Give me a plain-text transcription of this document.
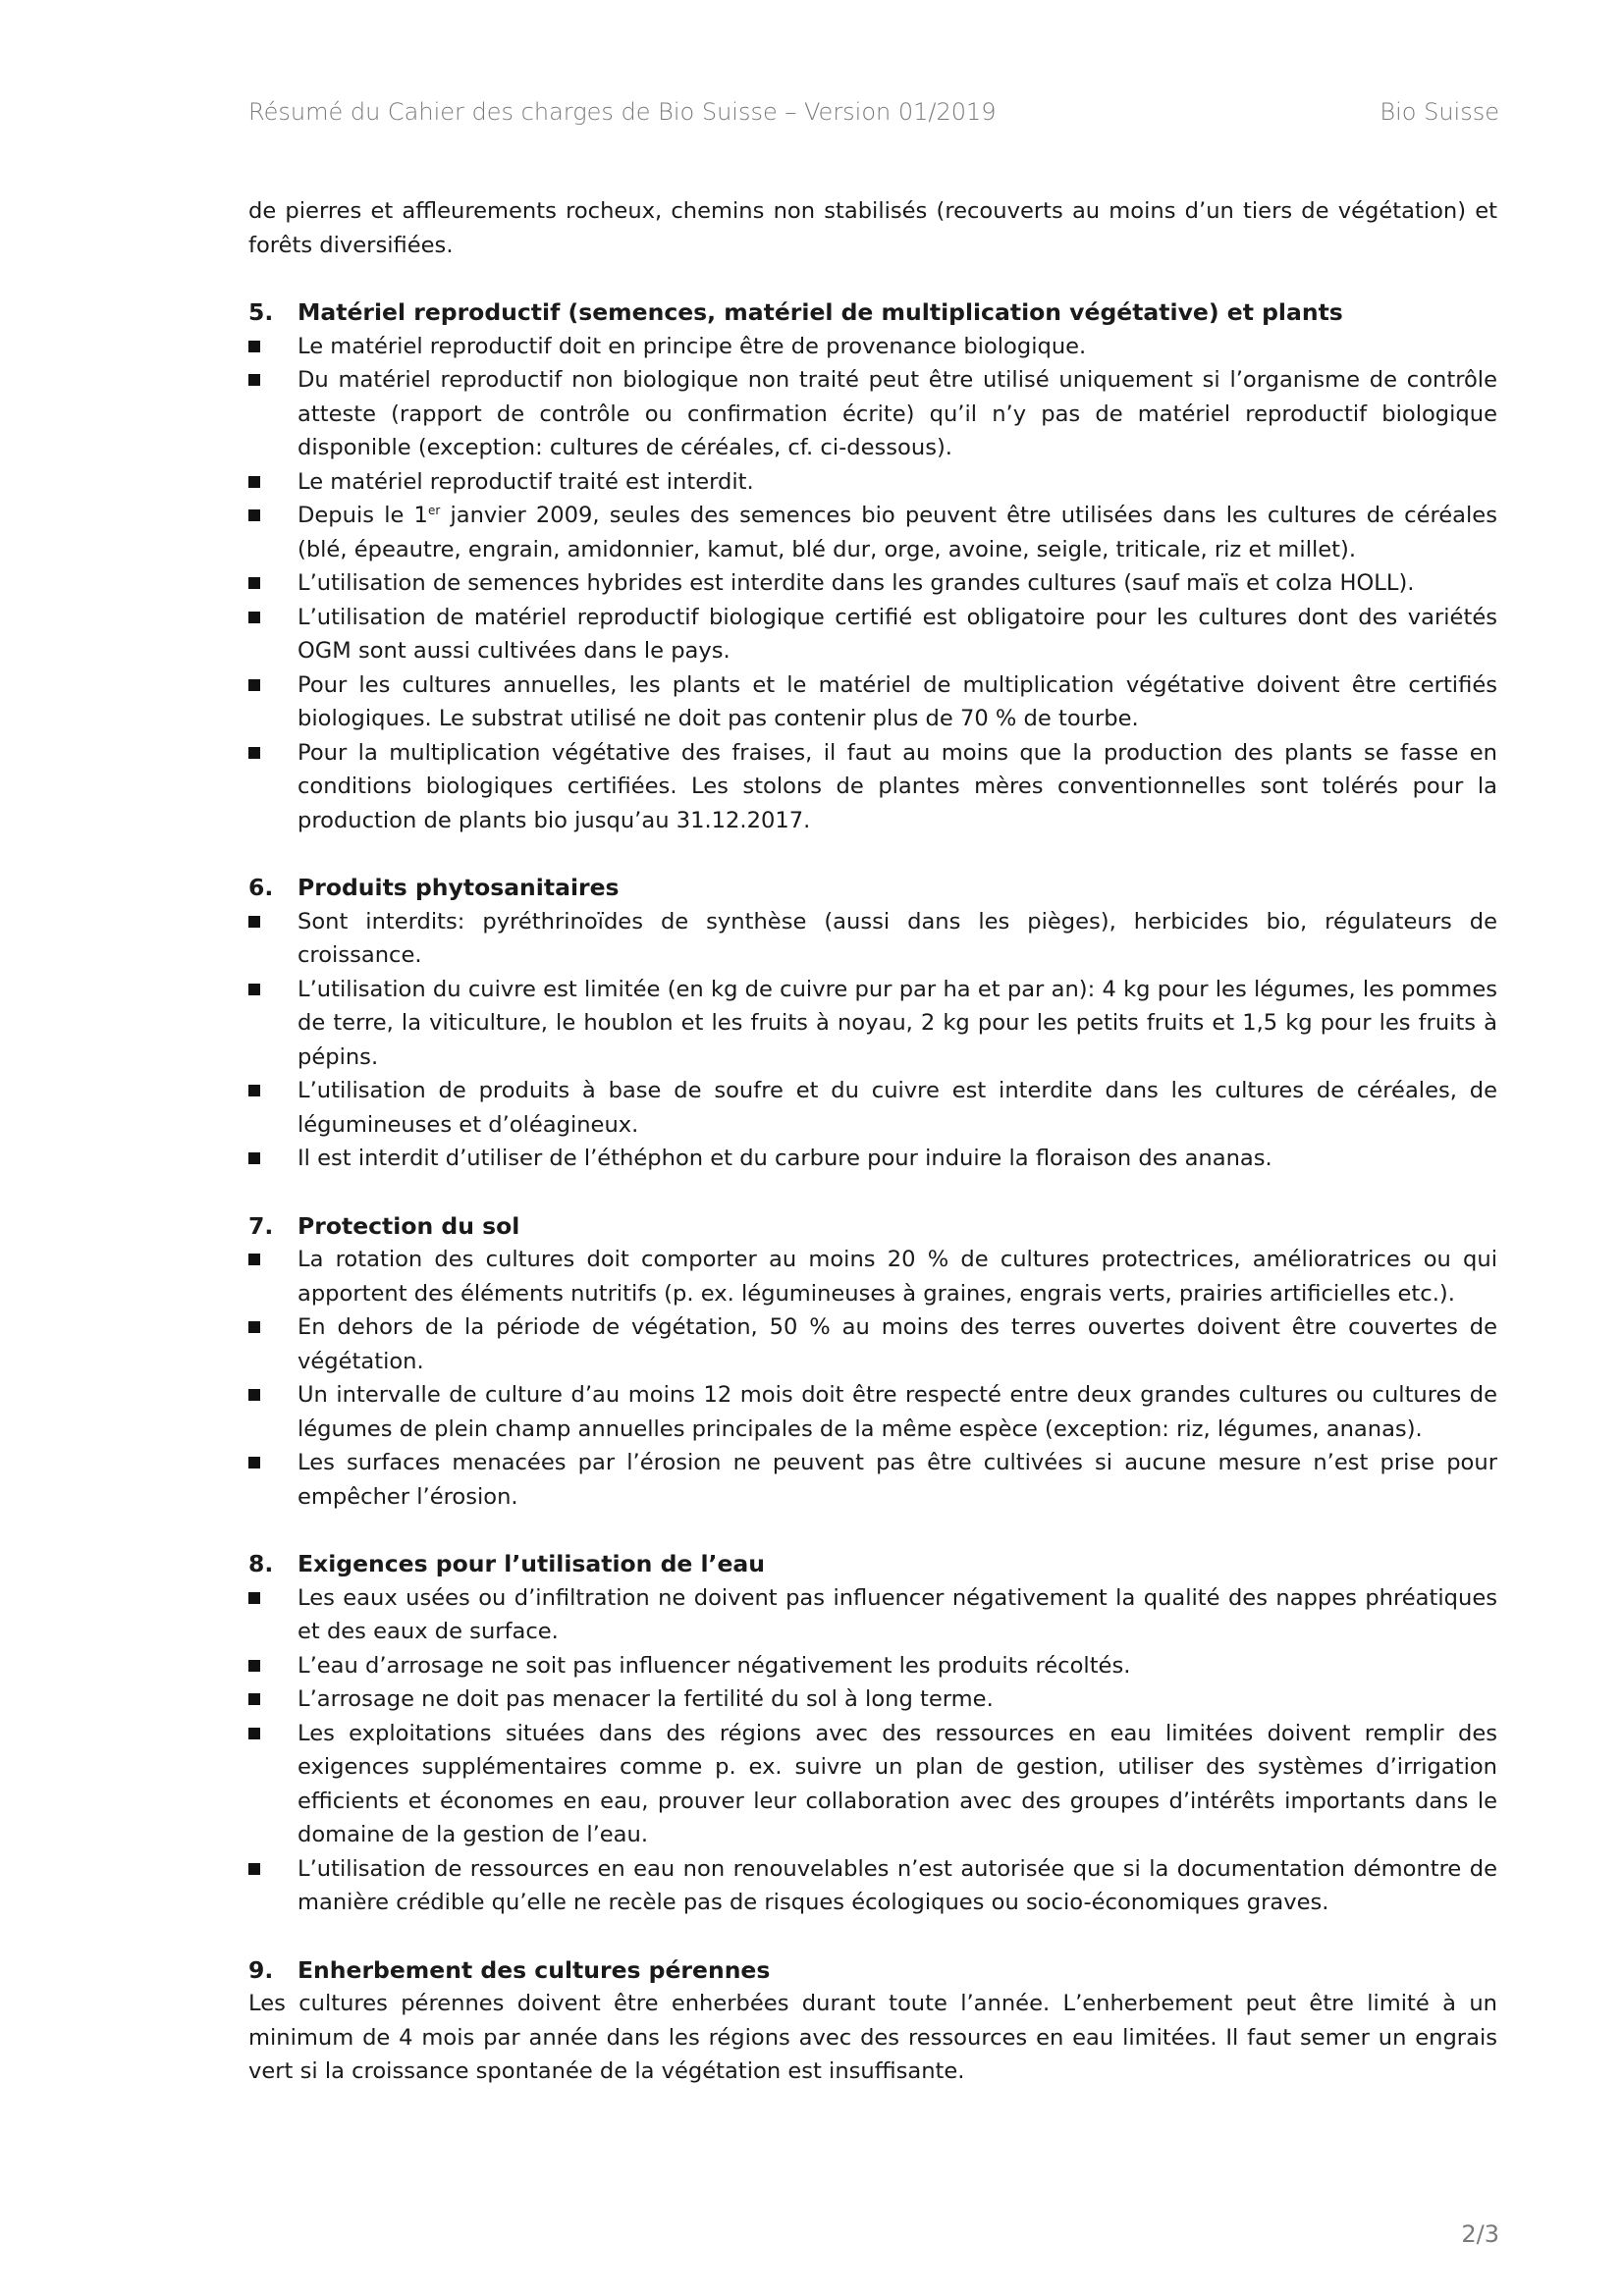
Résumé du Cahier des charges de Bio Suisse – Version 01/2019	Bio Suisse

de pierres et affleurements rocheux, chemins non stabilisés (recouverts au moins d’un tiers de végétation) et forêts diversifiées.

5.	Matériel reproductif (semences, matériel de multiplication végétative) et plants
Le matériel reproductif doit en principe être de provenance biologique.
Du matériel reproductif non biologique non traité peut être utilisé uniquement si l’organisme de contrôle atteste (rapport de contrôle ou confirmation écrite) qu’il n’y pas de matériel reproductif biologique disponible (exception: cultures de céréales, cf. ci-dessous).
Le matériel reproductif traité est interdit.
Depuis le 1er janvier 2009, seules des semences bio peuvent être utilisées dans les cultures de céréales (blé, épeautre, engrain, amidonnier, kamut, blé dur, orge, avoine, seigle, triticale, riz et millet).
L’utilisation de semences hybrides est interdite dans les grandes cultures (sauf maïs et colza HOLL).
L’utilisation de matériel reproductif biologique certifié est obligatoire pour les cultures dont des variétés OGM sont aussi cultivées dans le pays.
Pour les cultures annuelles, les plants et le matériel de multiplication végétative doivent être certifiés biologiques. Le substrat utilisé ne doit pas contenir plus de 70 % de tourbe.
Pour la multiplication végétative des fraises, il faut au moins que la production des plants se fasse en conditions biologiques certifiées. Les stolons de plantes mères conventionnelles sont tolérés pour la production de plants bio jusqu’au 31.12.2017.
6.	Produits phytosanitaires
Sont interdits: pyréthrinoïdes de synthèse (aussi dans les pièges), herbicides bio, régulateurs de croissance.
L’utilisation du cuivre est limitée (en kg de cuivre pur par ha et par an): 4 kg pour les légumes, les pommes de terre, la viticulture, le houblon et les fruits à noyau, 2 kg pour les petits fruits et 1,5 kg pour les fruits à pépins.
L’utilisation de produits à base de soufre et du cuivre est interdite dans les cultures de céréales, de légumineuses et d’oléagineux.
Il est interdit d’utiliser de l’éthéphon et du carbure pour induire la floraison des ananas.
7.	Protection du sol
La rotation des cultures doit comporter au moins 20 % de cultures protectrices, amélioratrices ou qui apportent des éléments nutritifs (p. ex. légumineuses à graines, engrais verts, prairies artificielles etc.).
En dehors de la période de végétation, 50 % au moins des terres ouvertes doivent être couvertes de végétation.
Un intervalle de culture d’au moins 12 mois doit être respecté entre deux grandes cultures ou cultures de légumes de plein champ annuelles principales de la même espèce (exception: riz, légumes, ananas).
Les surfaces menacées par l’érosion ne peuvent pas être cultivées si aucune mesure n’est prise pour empêcher l’érosion.
8.	Exigences pour l’utilisation de l’eau
Les eaux usées ou d’infiltration ne doivent pas influencer négativement la qualité des nappes phréatiques et des eaux de surface.
L’eau d’arrosage ne soit pas influencer négativement les produits récoltés.
L’arrosage ne doit pas menacer la fertilité du sol à long terme.
Les exploitations situées dans des régions avec des ressources en eau limitées doivent remplir des exigences supplémentaires comme p. ex. suivre un plan de gestion, utiliser des systèmes d’irrigation efficients et économes en eau, prouver leur collaboration avec des groupes d’intérêts importants dans le domaine de la gestion de l’eau.
L’utilisation de ressources en eau non renouvelables n’est autorisée que si la documentation démontre de manière crédible qu’elle ne recèle pas de risques écologiques ou socio-économiques graves.
9.	Enherbement des cultures pérennes

Les cultures pérennes doivent être enherbées durant toute l’année. L’enherbement peut être limité à un minimum de 4 mois par année dans les régions avec des ressources en eau limitées. Il faut semer un engrais vert si la croissance spontanée de la végétation est insuffisante.

2/3
